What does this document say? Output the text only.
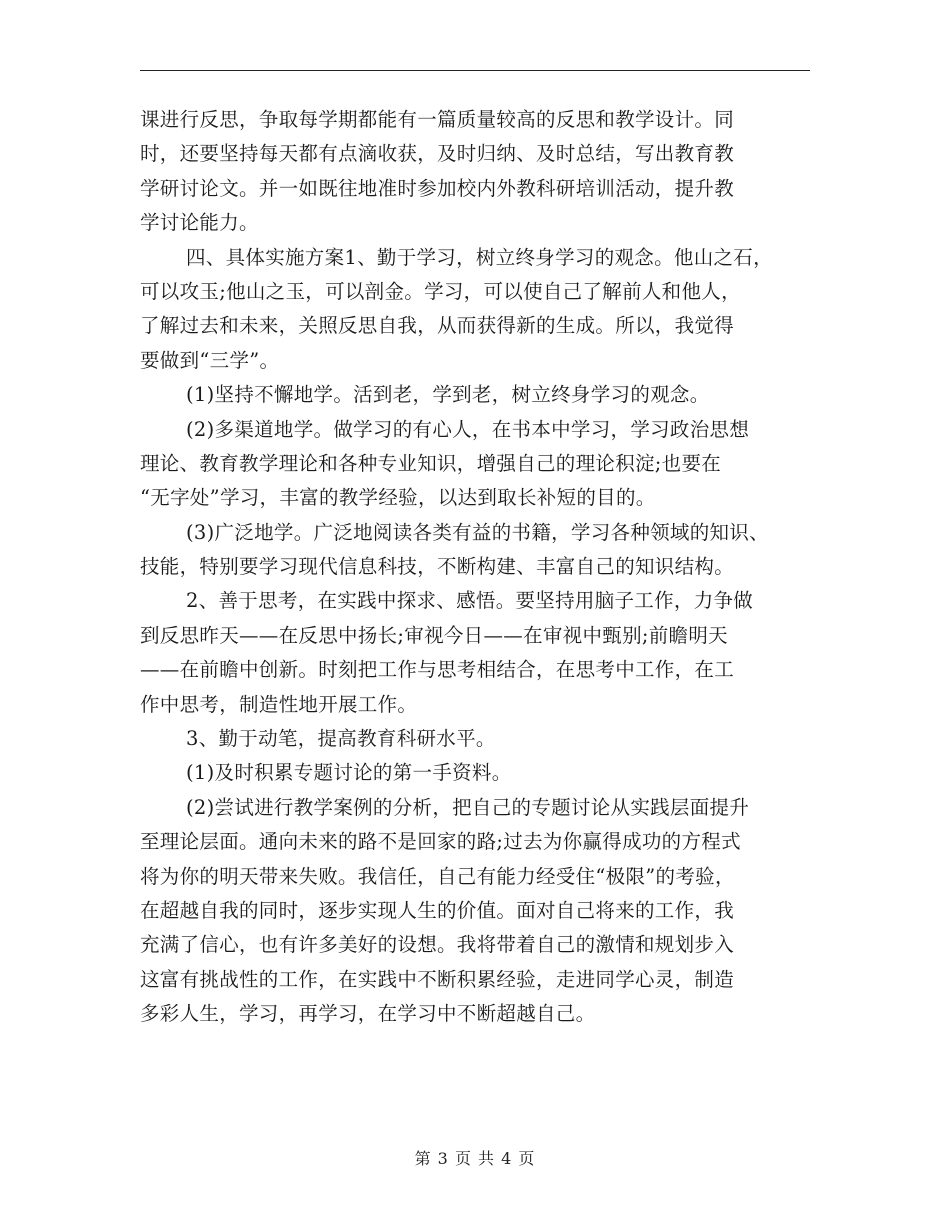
课进行反思，争取每学期都能有一篇质量较高的反思和教学设计。同
时，还要坚持每天都有点滴收获，及时归纳、及时总结，写出教育教
学研讨论文。并一如既往地准时参加校内外教科研培训活动，提升教
学讨论能力。
四、具体实施方案1、勤于学习，树立终身学习的观念。他山之石，
可以攻玉;他山之玉，可以剖金。学习，可以使自己了解前人和他人，
了解过去和未来，关照反思自我，从而获得新的生成。所以，我觉得
要做到“三学”。
(1)坚持不懈地学。活到老，学到老，树立终身学习的观念。
(2)多渠道地学。做学习的有心人，在书本中学习，学习政治思想
理论、教育教学理论和各种专业知识，增强自己的理论积淀;也要在
“无字处”学习，丰富的教学经验，以达到取长补短的目的。
(3)广泛地学。广泛地阅读各类有益的书籍，学习各种领域的知识、
技能，特别要学习现代信息科技，不断构建、丰富自己的知识结构。
2、善于思考，在实践中探求、感悟。要坚持用脑子工作，力争做
到反思昨天——在反思中扬长;审视今日——在审视中甄别;前瞻明天
——在前瞻中创新。时刻把工作与思考相结合，在思考中工作，在工
作中思考，制造性地开展工作。
3、勤于动笔，提高教育科研水平。
(1)及时积累专题讨论的第一手资料。
(2)尝试进行教学案例的分析，把自己的专题讨论从实践层面提升
至理论层面。通向未来的路不是回家的路;过去为你赢得成功的方程式
将为你的明天带来失败。我信任，自己有能力经受住“极限”的考验，
在超越自我的同时，逐步实现人生的价值。面对自己将来的工作，我
充满了信心，也有许多美好的设想。我将带着自己的激情和规划步入
这富有挑战性的工作，在实践中不断积累经验，走进同学心灵，制造
多彩人生，学习，再学习，在学习中不断超越自己。
第 3 页 共 4 页
